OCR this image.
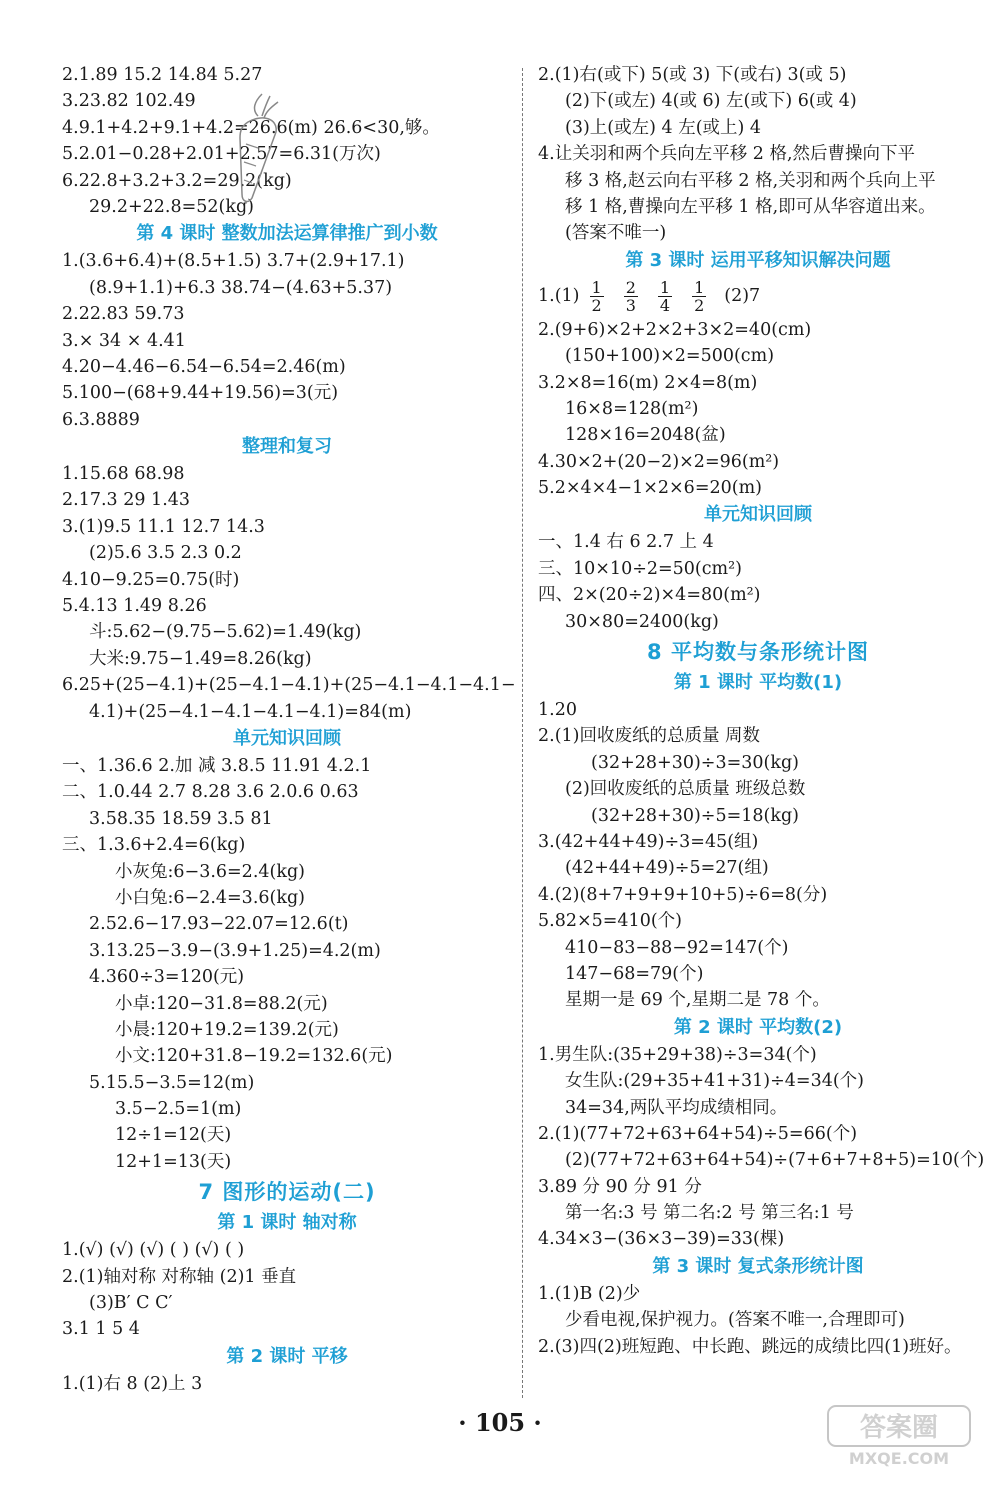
2.1.89 15.2 14.84 5.27
3.23.82 102.49
4.9.1+4.2+9.1+4.2=26.6(m) 26.6<30,够。
5.2.01−0.28+2.01+2.57=6.31(万次)
6.22.8+3.2+3.2=29.2(kg)
29.2+22.8=52(kg)
第 4 课时 整数加法运算律推广到小数
1.(3.6+6.4)+(8.5+1.5) 3.7+(2.9+17.1)
(8.9+1.1)+6.3 38.74−(4.63+5.37)
2.22.83 59.73
3.× 34 × 4.41
4.20−4.46−6.54−6.54=2.46(m)
5.100−(68+9.44+19.56)=3(元)
6.3.8889
整理和复习
1.15.68 68.98
2.17.3 29 1.43
3.(1)9.5 11.1 12.7 14.3
(2)5.6 3.5 2.3 0.2
4.10−9.25=0.75(时)
5.4.13 1.49 8.26
斗:5.62−(9.75−5.62)=1.49(kg)
大米:9.75−1.49=8.26(kg)
6.25+(25−4.1)+(25−4.1−4.1)+(25−4.1−4.1−4.1−
4.1)+(25−4.1−4.1−4.1−4.1)=84(m)
单元知识回顾
一、1.36.6 2.加 减 3.8.5 11.91 4.2.1
二、1.0.44 2.7 8.28 3.6 2.0.6 0.63
3.58.35 18.59 3.5 81
三、1.3.6+2.4=6(kg)
小灰兔:6−3.6=2.4(kg)
小白兔:6−2.4=3.6(kg)
2.52.6−17.93−22.07=12.6(t)
3.13.25−3.9−(3.9+1.25)=4.2(m)
4.360÷3=120(元)
小卓:120−31.8=88.2(元)
小晨:120+19.2=139.2(元)
小文:120+31.8−19.2=132.6(元)
5.15.5−3.5=12(m)
3.5−2.5=1(m)
12÷1=12(天)
12+1=13(天)
7 图形的运动(二)
第 1 课时 轴对称
1.(√) (√) (√) ( ) (√) ( )
2.(1)轴对称 对称轴 (2)1 垂直
(3)B′ C C′
3.1 1 5 4
第 2 课时 平移
1.(1)右 8 (2)上 3
2.(1)右(或下) 5(或 3) 下(或右) 3(或 5)
(2)下(或左) 4(或 6) 左(或下) 6(或 4)
(3)上(或左) 4 左(或上) 4
4.让关羽和两个兵向左平移 2 格,然后曹操向下平
移 3 格,赵云向右平移 2 格,关羽和两个兵向上平
移 1 格,曹操向左平移 1 格,即可从华容道出来。
(答案不唯一)
第 3 课时 运用平移知识解决问题
$1.(1) \frac{1}{2} \frac{2}{3} \frac{1}{4} \frac{1}{2} (2)7$
2.(9+6)×2+2×2+3×2=40(cm)
(150+100)×2=500(cm)
3.2×8=16(m) 2×4=8(m)
16×8=128(m²)
128×16=2048(盆)
4.30×2+(20−2)×2=96(m²)
5.2×4×4−1×2×6=20(m)
单元知识回顾
一、1.4 右 6 2.7 上 4
三、10×10÷2=50(cm²)
四、2×(20÷2)×4=80(m²)
30×80=2400(kg)
8 平均数与条形统计图
第 1 课时 平均数(1)
1.20
2.(1)回收废纸的总质量 周数
(32+28+30)÷3=30(kg)
(2)回收废纸的总质量 班级总数
(32+28+30)÷5=18(kg)
3.(42+44+49)÷3=45(组)
(42+44+49)÷5=27(组)
4.(2)(8+7+9+9+10+5)÷6=8(分)
5.82×5=410(个)
410−83−88−92=147(个)
147−68=79(个)
星期一是 69 个,星期二是 78 个。
第 2 课时 平均数(2)
1.男生队:(35+29+38)÷3=34(个)
女生队:(29+35+41+31)÷4=34(个)
34=34,两队平均成绩相同。
2.(1)(77+72+63+64+54)÷5=66(个)
(2)(77+72+63+64+54)÷(7+6+7+8+5)=10(个)
3.89 分 90 分 91 分
第一名:3 号 第二名:2 号 第三名:1 号
4.34×3−(36×3−39)=33(棵)
第 3 课时 复式条形统计图
1.(1)B (2)少
少看电视,保护视力。(答案不唯一,合理即可)
2.(3)四(2)班短跑、中长跑、跳远的成绩比四(1)班好。
· 105 ·	答案圈
MXQE.COM
